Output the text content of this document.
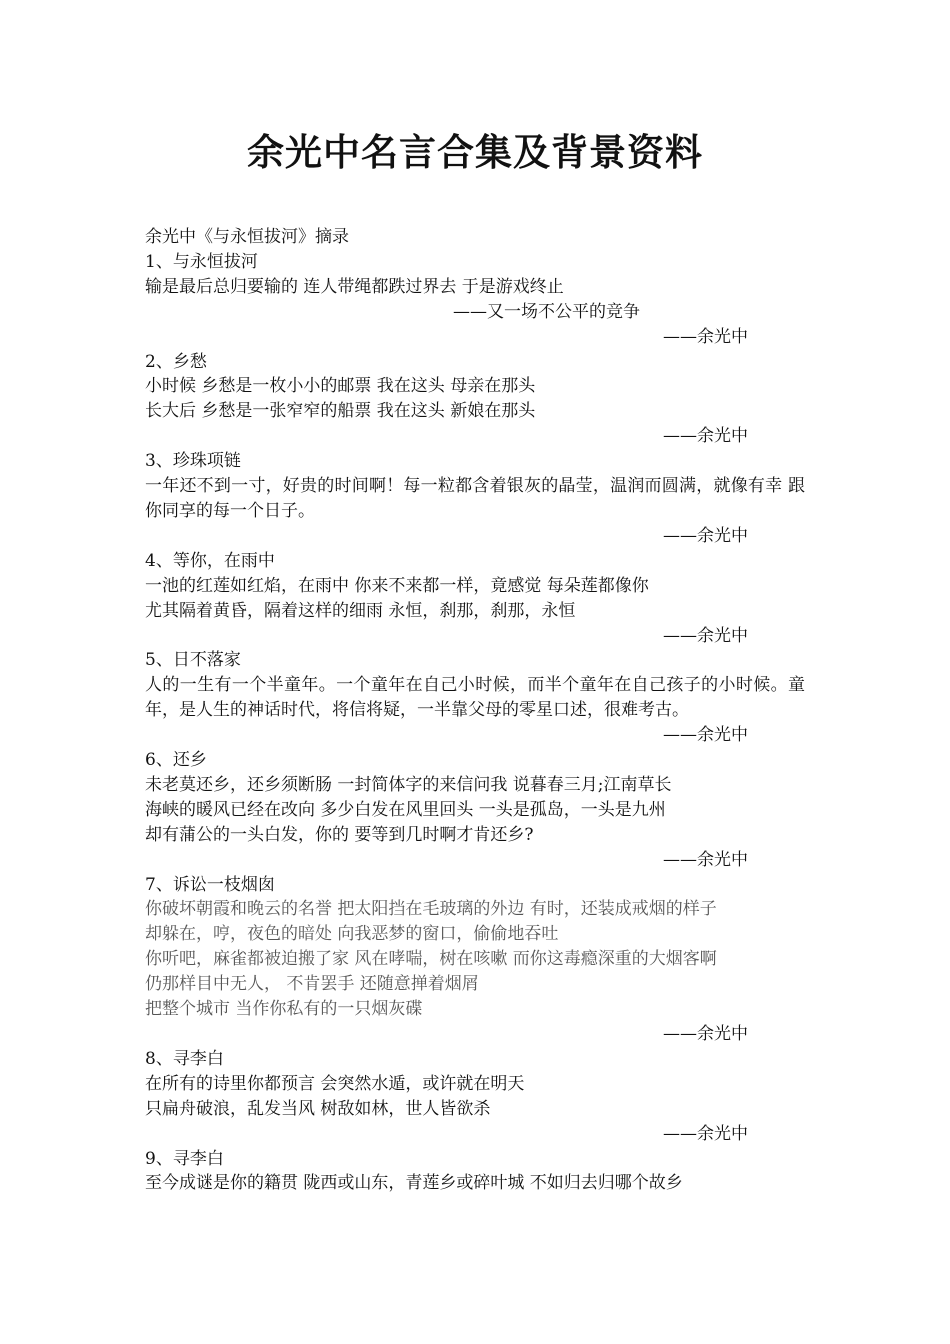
余光中名言合集及背景资料
余光中《与永恒拔河》摘录
1、与永恒拔河
输是最后总归要输的 连人带绳都跌过界去 于是游戏终止
——又一场不公平的竞争
——余光中
2、乡愁
小时候 乡愁是一枚小小的邮票 我在这头 母亲在那头
长大后 乡愁是一张窄窄的船票 我在这头 新娘在那头
——余光中
3、珍珠项链
一年还不到一寸，好贵的时间啊！每一粒都含着银灰的晶莹，温润而圆满，就像有幸 跟你同享的每一个日子。
——余光中
4、等你，在雨中
一池的红莲如红焰，在雨中 你来不来都一样，竟感觉 每朵莲都像你
尤其隔着黄昏，隔着这样的细雨 永恒，刹那，刹那，永恒
——余光中
5、日不落家
人的一生有一个半童年。一个童年在自己小时候，而半个童年在自己孩子的小时候。童年，是人生的神话时代，将信将疑，一半靠父母的零星口述，很难考古。
——余光中
6、还乡
未老莫还乡，还乡须断肠 一封简体字的来信问我 说暮春三月;江南草长
海峡的暖风已经在改向 多少白发在风里回头 一头是孤岛，一头是九州
却有蒲公的一头白发，你的 要等到几时啊才肯还乡?
——余光中
7、诉讼一枝烟囱
你破坏朝霞和晚云的名誉 把太阳挡在毛玻璃的外边 有时，还装成戒烟的样子
却躲在，哼，夜色的暗处 向我恶梦的窗口，偷偷地吞吐
你听吧，麻雀都被迫搬了家 风在哮喘，树在咳嗽 而你这毒瘾深重的大烟客啊
仍那样目中无人， 不肯罢手 还随意掸着烟屑
把整个城市 当作你私有的一只烟灰碟
——余光中
8、寻李白
在所有的诗里你都预言 会突然水遁，或许就在明天
只扁舟破浪，乱发当风 树敌如林，世人皆欲杀
——余光中
9、寻李白
至今成谜是你的籍贯 陇西或山东，青莲乡或碎叶城 不如归去归哪个故乡
